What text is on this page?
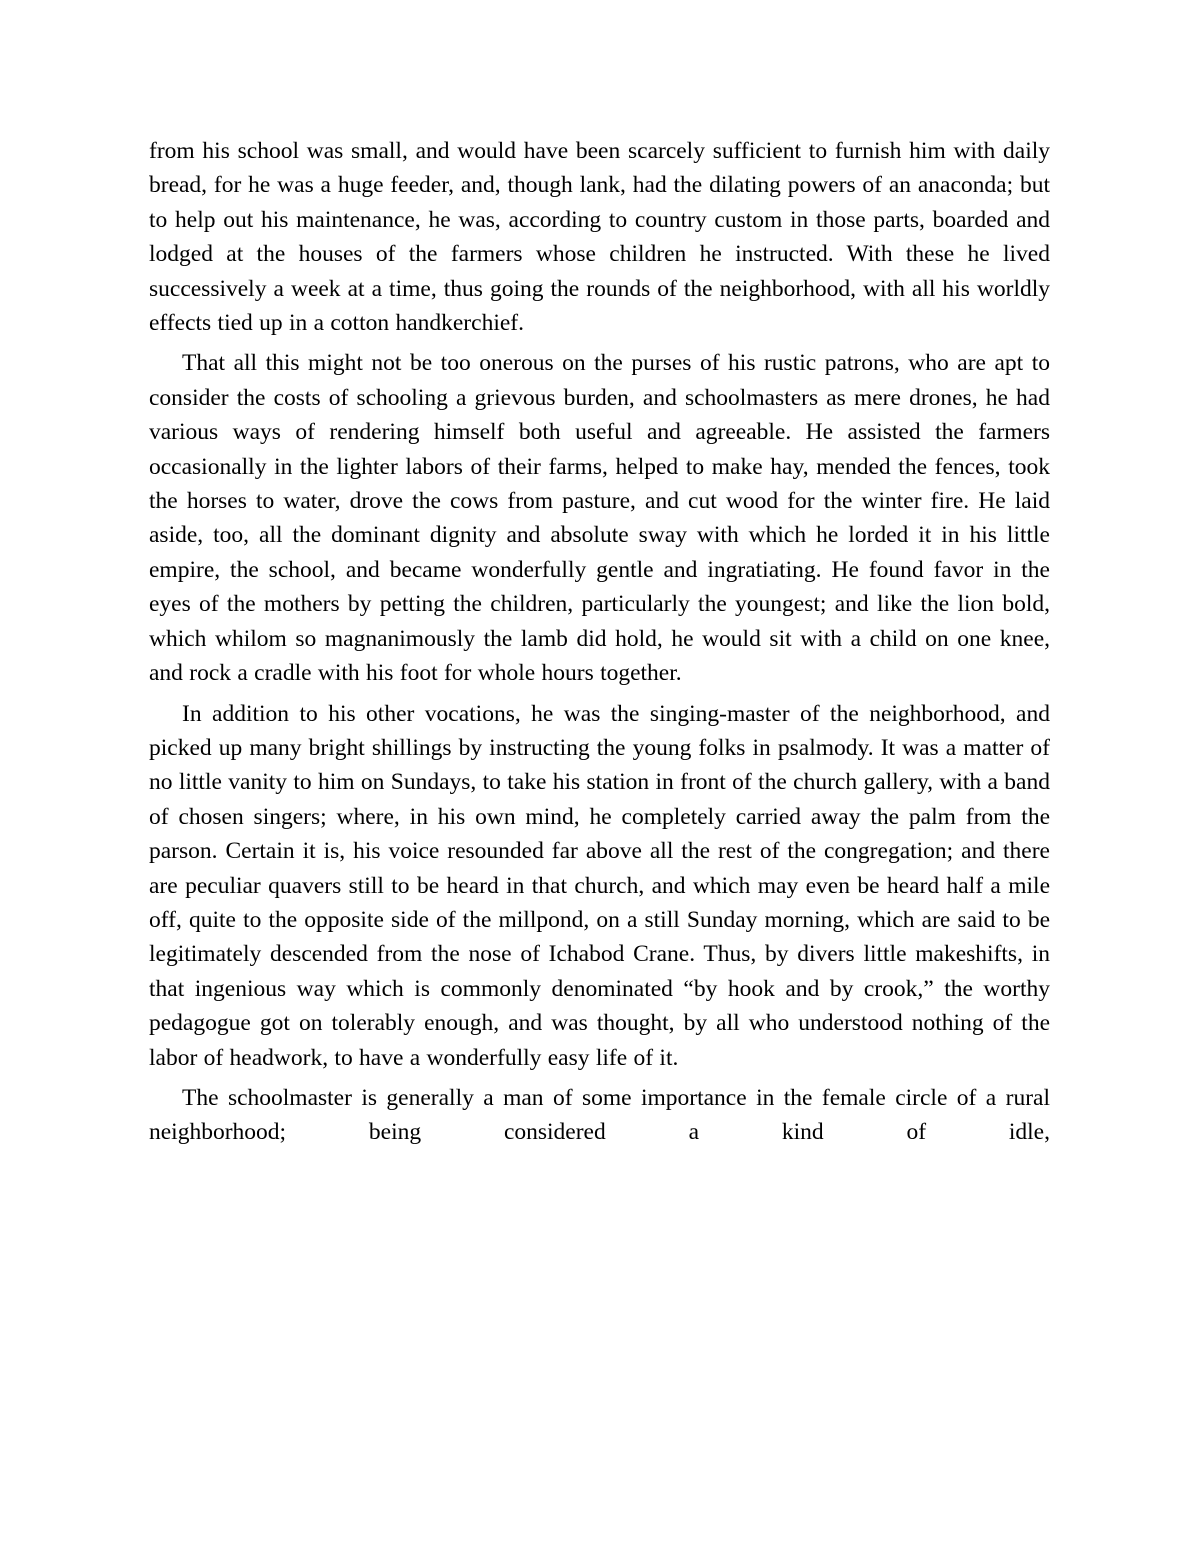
from his school was small, and would have been scarcely sufficient to furnish him with daily bread, for he was a huge feeder, and, though lank, had the dilating powers of an anaconda; but to help out his maintenance, he was, according to country custom in those parts, boarded and lodged at the houses of the farmers whose children he instructed. With these he lived successively a week at a time, thus going the rounds of the neighborhood, with all his worldly effects tied up in a cotton handkerchief.

That all this might not be too onerous on the purses of his rustic patrons, who are apt to consider the costs of schooling a grievous burden, and schoolmasters as mere drones, he had various ways of rendering himself both useful and agreeable. He assisted the farmers occasionally in the lighter labors of their farms, helped to make hay, mended the fences, took the horses to water, drove the cows from pasture, and cut wood for the winter fire. He laid aside, too, all the dominant dignity and absolute sway with which he lorded it in his little empire, the school, and became wonderfully gentle and ingratiating. He found favor in the eyes of the mothers by petting the children, particularly the youngest; and like the lion bold, which whilom so magnanimously the lamb did hold, he would sit with a child on one knee, and rock a cradle with his foot for whole hours together.

In addition to his other vocations, he was the singing-master of the neighborhood, and picked up many bright shillings by instructing the young folks in psalmody. It was a matter of no little vanity to him on Sundays, to take his station in front of the church gallery, with a band of chosen singers; where, in his own mind, he completely carried away the palm from the parson. Certain it is, his voice resounded far above all the rest of the congregation; and there are peculiar quavers still to be heard in that church, and which may even be heard half a mile off, quite to the opposite side of the millpond, on a still Sunday morning, which are said to be legitimately descended from the nose of Ichabod Crane. Thus, by divers little makeshifts, in that ingenious way which is commonly denominated “by hook and by crook,” the worthy pedagogue got on tolerably enough, and was thought, by all who understood nothing of the labor of headwork, to have a wonderfully easy life of it.

The schoolmaster is generally a man of some importance in the female circle of a rural neighborhood; being considered a kind of idle,
